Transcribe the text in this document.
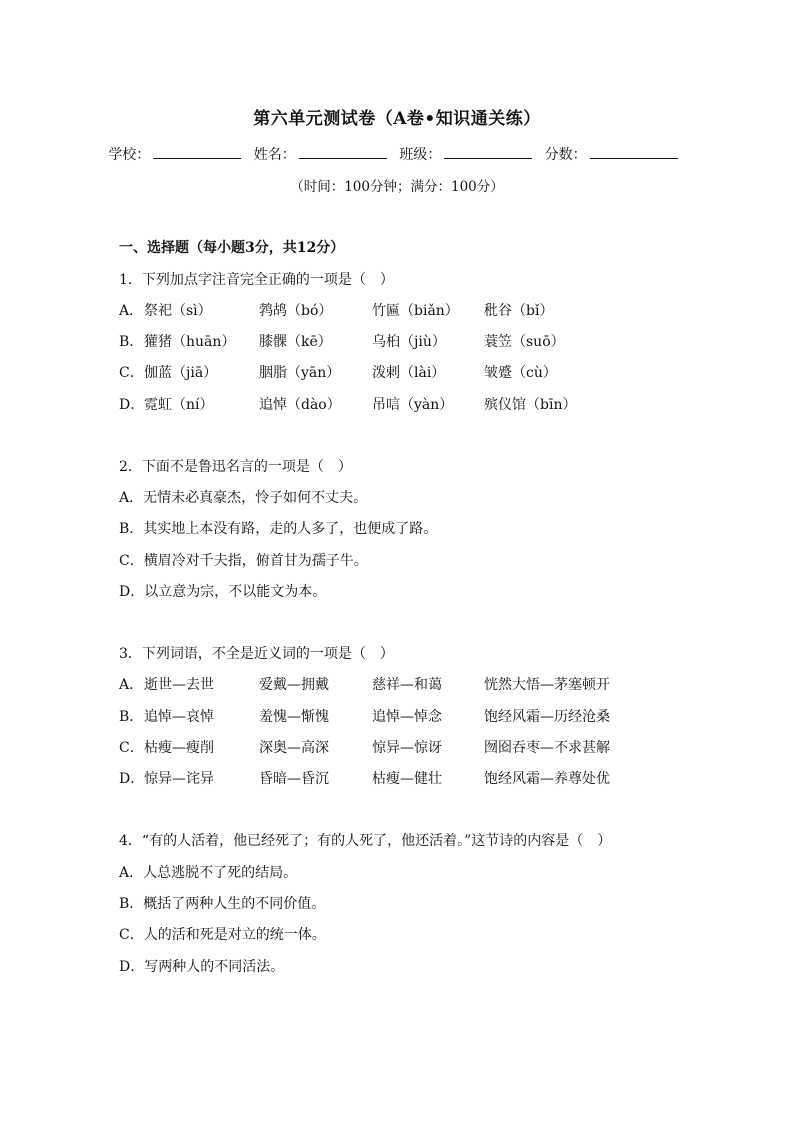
第六单元测试卷（A卷•知识通关练）
学校：	姓名：	班级：	分数：
（时间：100分钟；满分：100分）
一、选择题（每小题3分，共12分）
1．下列加点字注音完全正确的一项是（　）
A． 祭祀（sì）	鹁鸪（bó）	竹匾（biǎn） 秕谷（bǐ）
B． 獾猪（huān） 膝髁（kē）	乌桕（jiù）	蓑笠（suō）
C． 伽蓝（jiā）	胭脂（yān） 泼剌（lài）	皱蹙（cù）
D． 霓虹（ní）	追悼（dào） 吊唁（yàn） 殡仪馆（bīn）
2．下面不是鲁迅名言的一项是（　）
A．无情未必真豪杰，怜子如何不丈夫。
B．其实地上本没有路，走的人多了，也便成了路。
C．横眉冷对千夫指，俯首甘为孺子牛。
D．以立意为宗，不以能文为本。
3．下列词语，不全是近义词的一项是（　）
A． 逝世—去世	爱戴—拥戴	慈祥—和蔼	恍然大悟—茅塞顿开
B． 追悼—哀悼	羞愧—惭愧	追悼—悼念	饱经风霜—历经沧桑
C． 枯瘦—瘦削	深奥—高深	惊异—惊讶	囫囵吞枣—不求甚解
D． 惊异—诧异	昏暗—昏沉	枯瘦—健壮	饱经风霜—养尊处优
4．“有的人活着，他已经死了；有的人死了，他还活着。”这节诗的内容是（　）
A．人总逃脱不了死的结局。
B．概括了两种人生的不同价值。
C．人的活和死是对立的统一体。
D．写两种人的不同活法。
